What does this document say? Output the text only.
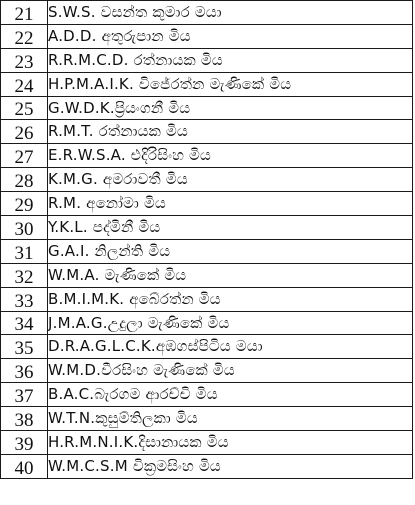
21	S.W.S. වසන්ත කුමාර මයා
22	A.D.D. අතුරුපාන මිය
23	R.R.M.C.D. රත්නායක මිය
24	H.P.M.A.I.K. විජේරත්න මැණිකේ මිය
25	G.W.D.K.ප්‍රියංගනී මිය
26	R.M.T. රත්නායක මිය
27	E.R.W.S.A. එදිරිසිංහ මිය
28	K.M.G. අමරාවතී මිය
29	R.M. අනෝමා මිය
30	Y.K.L. පද්මිනී මිය
31	G.A.I. නිලන්ති මිය
32	W.M.A. මැණිකේ මිය
33	B.M.I.M.K. අබේරත්න මිය
34	J.M.A.G.උදුලා මැණිකේ මිය
35	D.R.A.G.L.C.K.අඹගස්පිටිය මයා
36	W.M.D.වීරසිංහ මැණිකේ මිය
37	B.A.C.බැරගම ආරච්චි මිය
38	W.T.N.කුසුම්තිලකා මිය
39	H.R.M.N.I.K.දිසානායක මිය
40	W.M.C.S.M වික්‍රමසිංහ මිය
